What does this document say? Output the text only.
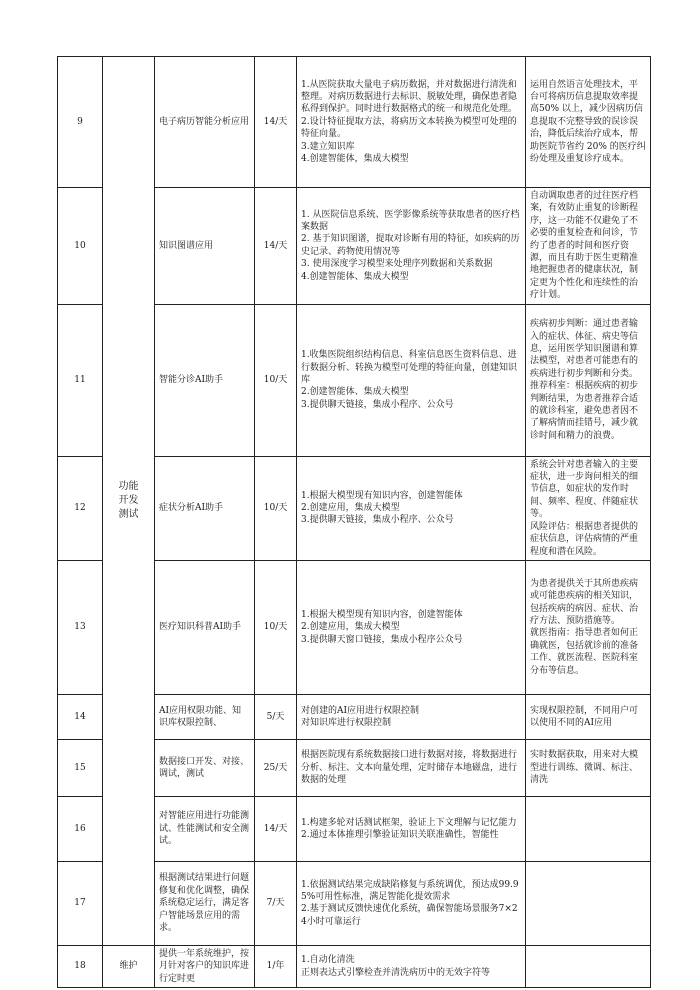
9	功能
开发
测试	电子病历智能分析应用	14/天	1.从医院获取大量电子病历数据，并对数据进行清洗和整理。对病历数据进行去标识、脱敏处理，确保患者隐私得到保护。同时进行数据格式的统一和规范化处理。
2.设计特征提取方法，将病历文本转换为模型可处理的特征向量。
3.建立知识库
4.创建智能体，集成大模型	运用自然语言处理技术，平台可将病历信息提取效率提高50% 以上，减少因病历信息提取不完整导致的误诊误治，降低后续治疗成本，帮助医院节省约 20% 的医疗纠纷处理及重复诊疗成本。

10		知识图谱应用	14/天	1. 从医院信息系统、医学影像系统等获取患者的医疗档案数据
2. 基于知识图谱，提取对诊断有用的特征，如疾病的历史记录、药物使用情况等
3. 使用深度学习模型来处理序列数据和关系数据
4.创建智能体、集成大模型	自动调取患者的过往医疗档案，有效防止重复的诊断程序，这一功能不仅避免了不必要的重复检查和问诊，节约了患者的时间和医疗资源，而且有助于医生更精准地把握患者的健康状况，制定更为个性化和连续性的治疗计划。

11		智能分诊AI助手	10/天	1.收集医院组织结构信息、科室信息医生资料信息、进行数据分析、转换为模型可处理的特征向量，创建知识库
2.创建智能体、集成大模型
3.提供聊天链接，集成小程序、公众号	疾病初步判断：通过患者输入的症状、体征、病史等信息，运用医学知识图谱和算法模型，对患者可能患有的疾病进行初步判断和分类。
推荐科室：根据疾病的初步判断结果，为患者推荐合适的就诊科室，避免患者因不了解病情而挂错号，减少就诊时间和精力的浪费。

12		症状分析AI助手	10/天	1.根据大模型现有知识内容，创建智能体
2.创建应用，集成大模型
3.提供聊天链接，集成小程序、公众号	系统会针对患者输入的主要症状，进一步询问相关的细节信息，如症状的发作时间、频率、程度、伴随症状等。
风险评估：根据患者提供的症状信息，评估病情的严重程度和潜在风险。

13		医疗知识科普AI助手	10/天	1.根据大模型现有知识内容，创建智能体
2.创建应用，集成大模型
3.提供聊天窗口链接，集成小程序公众号	为患者提供关于其所患疾病或可能患疾病的相关知识，包括疾病的病因、症状、治疗方法、预防措施等。
就医指南：指导患者如何正确就医，包括就诊前的准备工作、就医流程、医院科室分布等信息。

14		AI应用权限功能、知识库权限控制、	5/天	对创建的AI应用进行权限控制
对知识库进行权限控制	实现权限控制，不同用户可以使用不同的AI应用

15		数据接口开发、对接、调试，测试	25/天	根据医院现有系统数据接口进行数据对接，将数据进行分析、标注、文本向量处理，定时储存本地磁盘，进行数据的处理	实时数据获取，用来对大模型进行训练、微调、标注、清洗

16		对智能应用进行功能测试、性能测试和安全测试。	14/天	1.构建多轮对话测试框架，验证上下文理解与记忆能力
2.通过本体推理引擎验证知识关联准确性，智能性	

17		根据测试结果进行问题修复和优化调整，确保系统稳定运行，满足客户智能场景应用的需求。	7/天	1.依据测试结果完成缺陷修复与系统调优，预达成99.95%可用性标准，满足智能化提效需求
2.基于测试反馈快速优化系统，确保智能场景服务7×24小时可靠运行	

18	维护	提供一年系统维护，按月针对客户的知识库进行定时更	1/年	1.自动化清洗
正则表达式引擎检查并清洗病历中的无效字符等	
